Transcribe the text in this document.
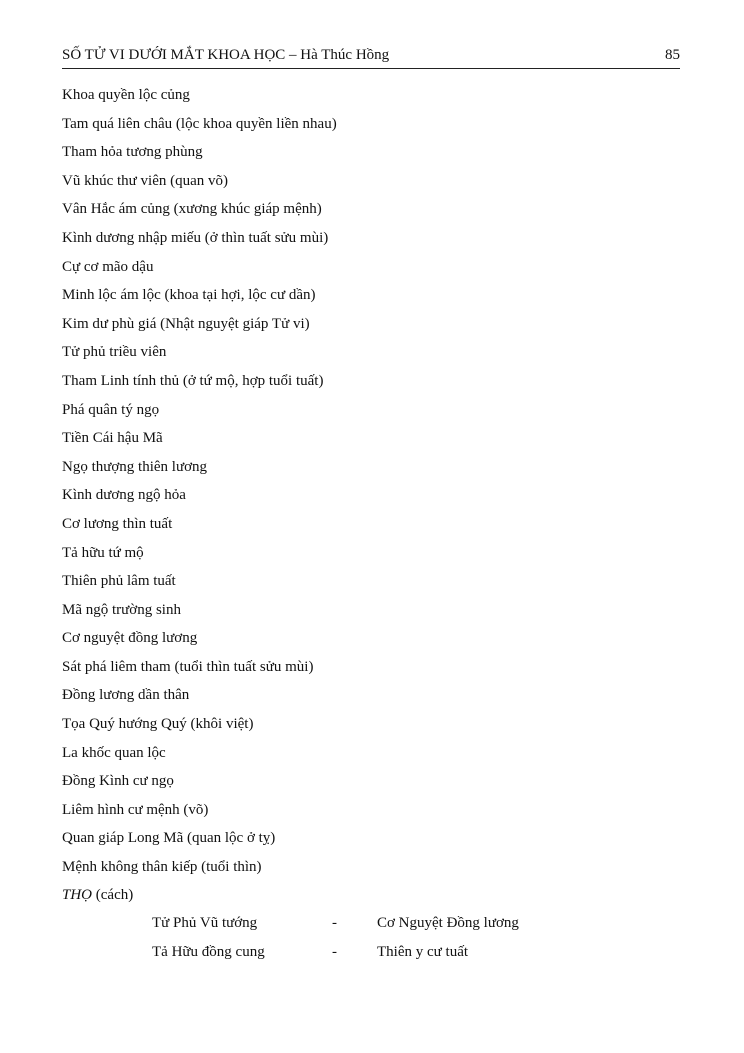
SỐ TỬ VI DƯỚI MẮT KHOA HỌC – Hà Thúc Hồng	85
Khoa quyền lộc củng
Tam quá liên châu (lộc khoa quyền liền nhau)
Tham hỏa tương phùng
Vũ khúc thư viên (quan võ)
Vân Hắc ám củng (xương khúc giáp mệnh)
Kình dương nhập miếu (ở thìn tuất sửu mùi)
Cự cơ mão dậu
Minh lộc ám lộc (khoa tại hợi, lộc cư dần)
Kim dư phù giá (Nhật nguyệt giáp Tử vi)
Tử phủ triều viên
Tham Linh tính thủ (ở tứ mộ, hợp tuổi tuất)
Phá quân tý ngọ
Tiền Cái hậu Mã
Ngọ thượng thiên lương
Kình dương ngộ hỏa
Cơ lương thìn tuất
Tả hữu tứ mộ
Thiên phủ lâm tuất
Mã ngộ trường sinh
Cơ nguyệt đồng lương
Sát phá liêm tham (tuổi thìn tuất sửu mùi)
Đồng lương dần thân
Tọa Quý hướng Quý (khôi việt)
La khốc quan lộc
Đồng Kình cư ngọ
Liêm hình cư mệnh (võ)
Quan giáp Long Mã (quan lộc ở tỵ)
Mệnh không thân kiếp (tuổi thìn)
THỌ (cách)
Tử Phủ Vũ tướng	-	Cơ Nguyệt Đồng lương
Tả Hữu đồng cung	-	Thiên y cư tuất
